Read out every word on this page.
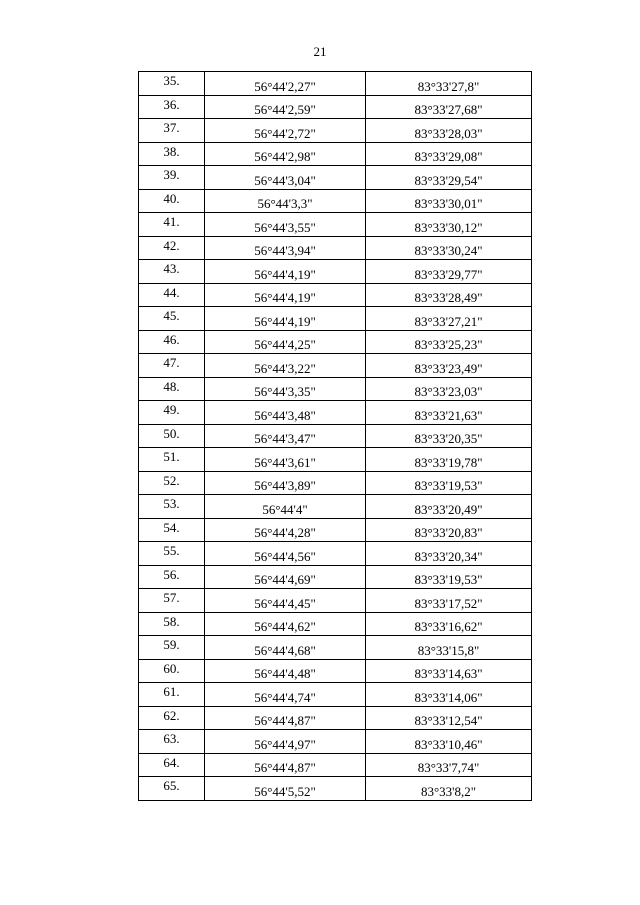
21
35.	56°44'2,27"	83°33'27,8"
36.	56°44'2,59"	83°33'27,68"
37.	56°44'2,72"	83°33'28,03"
38.	56°44'2,98"	83°33'29,08"
39.	56°44'3,04"	83°33'29,54"
40.	56°44'3,3"	83°33'30,01"
41.	56°44'3,55"	83°33'30,12"
42.	56°44'3,94"	83°33'30,24"
43.	56°44'4,19"	83°33'29,77"
44.	56°44'4,19"	83°33'28,49"
45.	56°44'4,19"	83°33'27,21"
46.	56°44'4,25"	83°33'25,23"
47.	56°44'3,22"	83°33'23,49"
48.	56°44'3,35"	83°33'23,03"
49.	56°44'3,48"	83°33'21,63"
50.	56°44'3,47"	83°33'20,35"
51.	56°44'3,61"	83°33'19,78"
52.	56°44'3,89"	83°33'19,53"
53.	56°44'4"	83°33'20,49"
54.	56°44'4,28"	83°33'20,83"
55.	56°44'4,56"	83°33'20,34"
56.	56°44'4,69"	83°33'19,53"
57.	56°44'4,45"	83°33'17,52"
58.	56°44'4,62"	83°33'16,62"
59.	56°44'4,68"	83°33'15,8"
60.	56°44'4,48"	83°33'14,63"
61.	56°44'4,74"	83°33'14,06"
62.	56°44'4,87"	83°33'12,54"
63.	56°44'4,97"	83°33'10,46"
64.	56°44'4,87"	83°33'7,74"
65.	56°44'5,52"	83°33'8,2"
